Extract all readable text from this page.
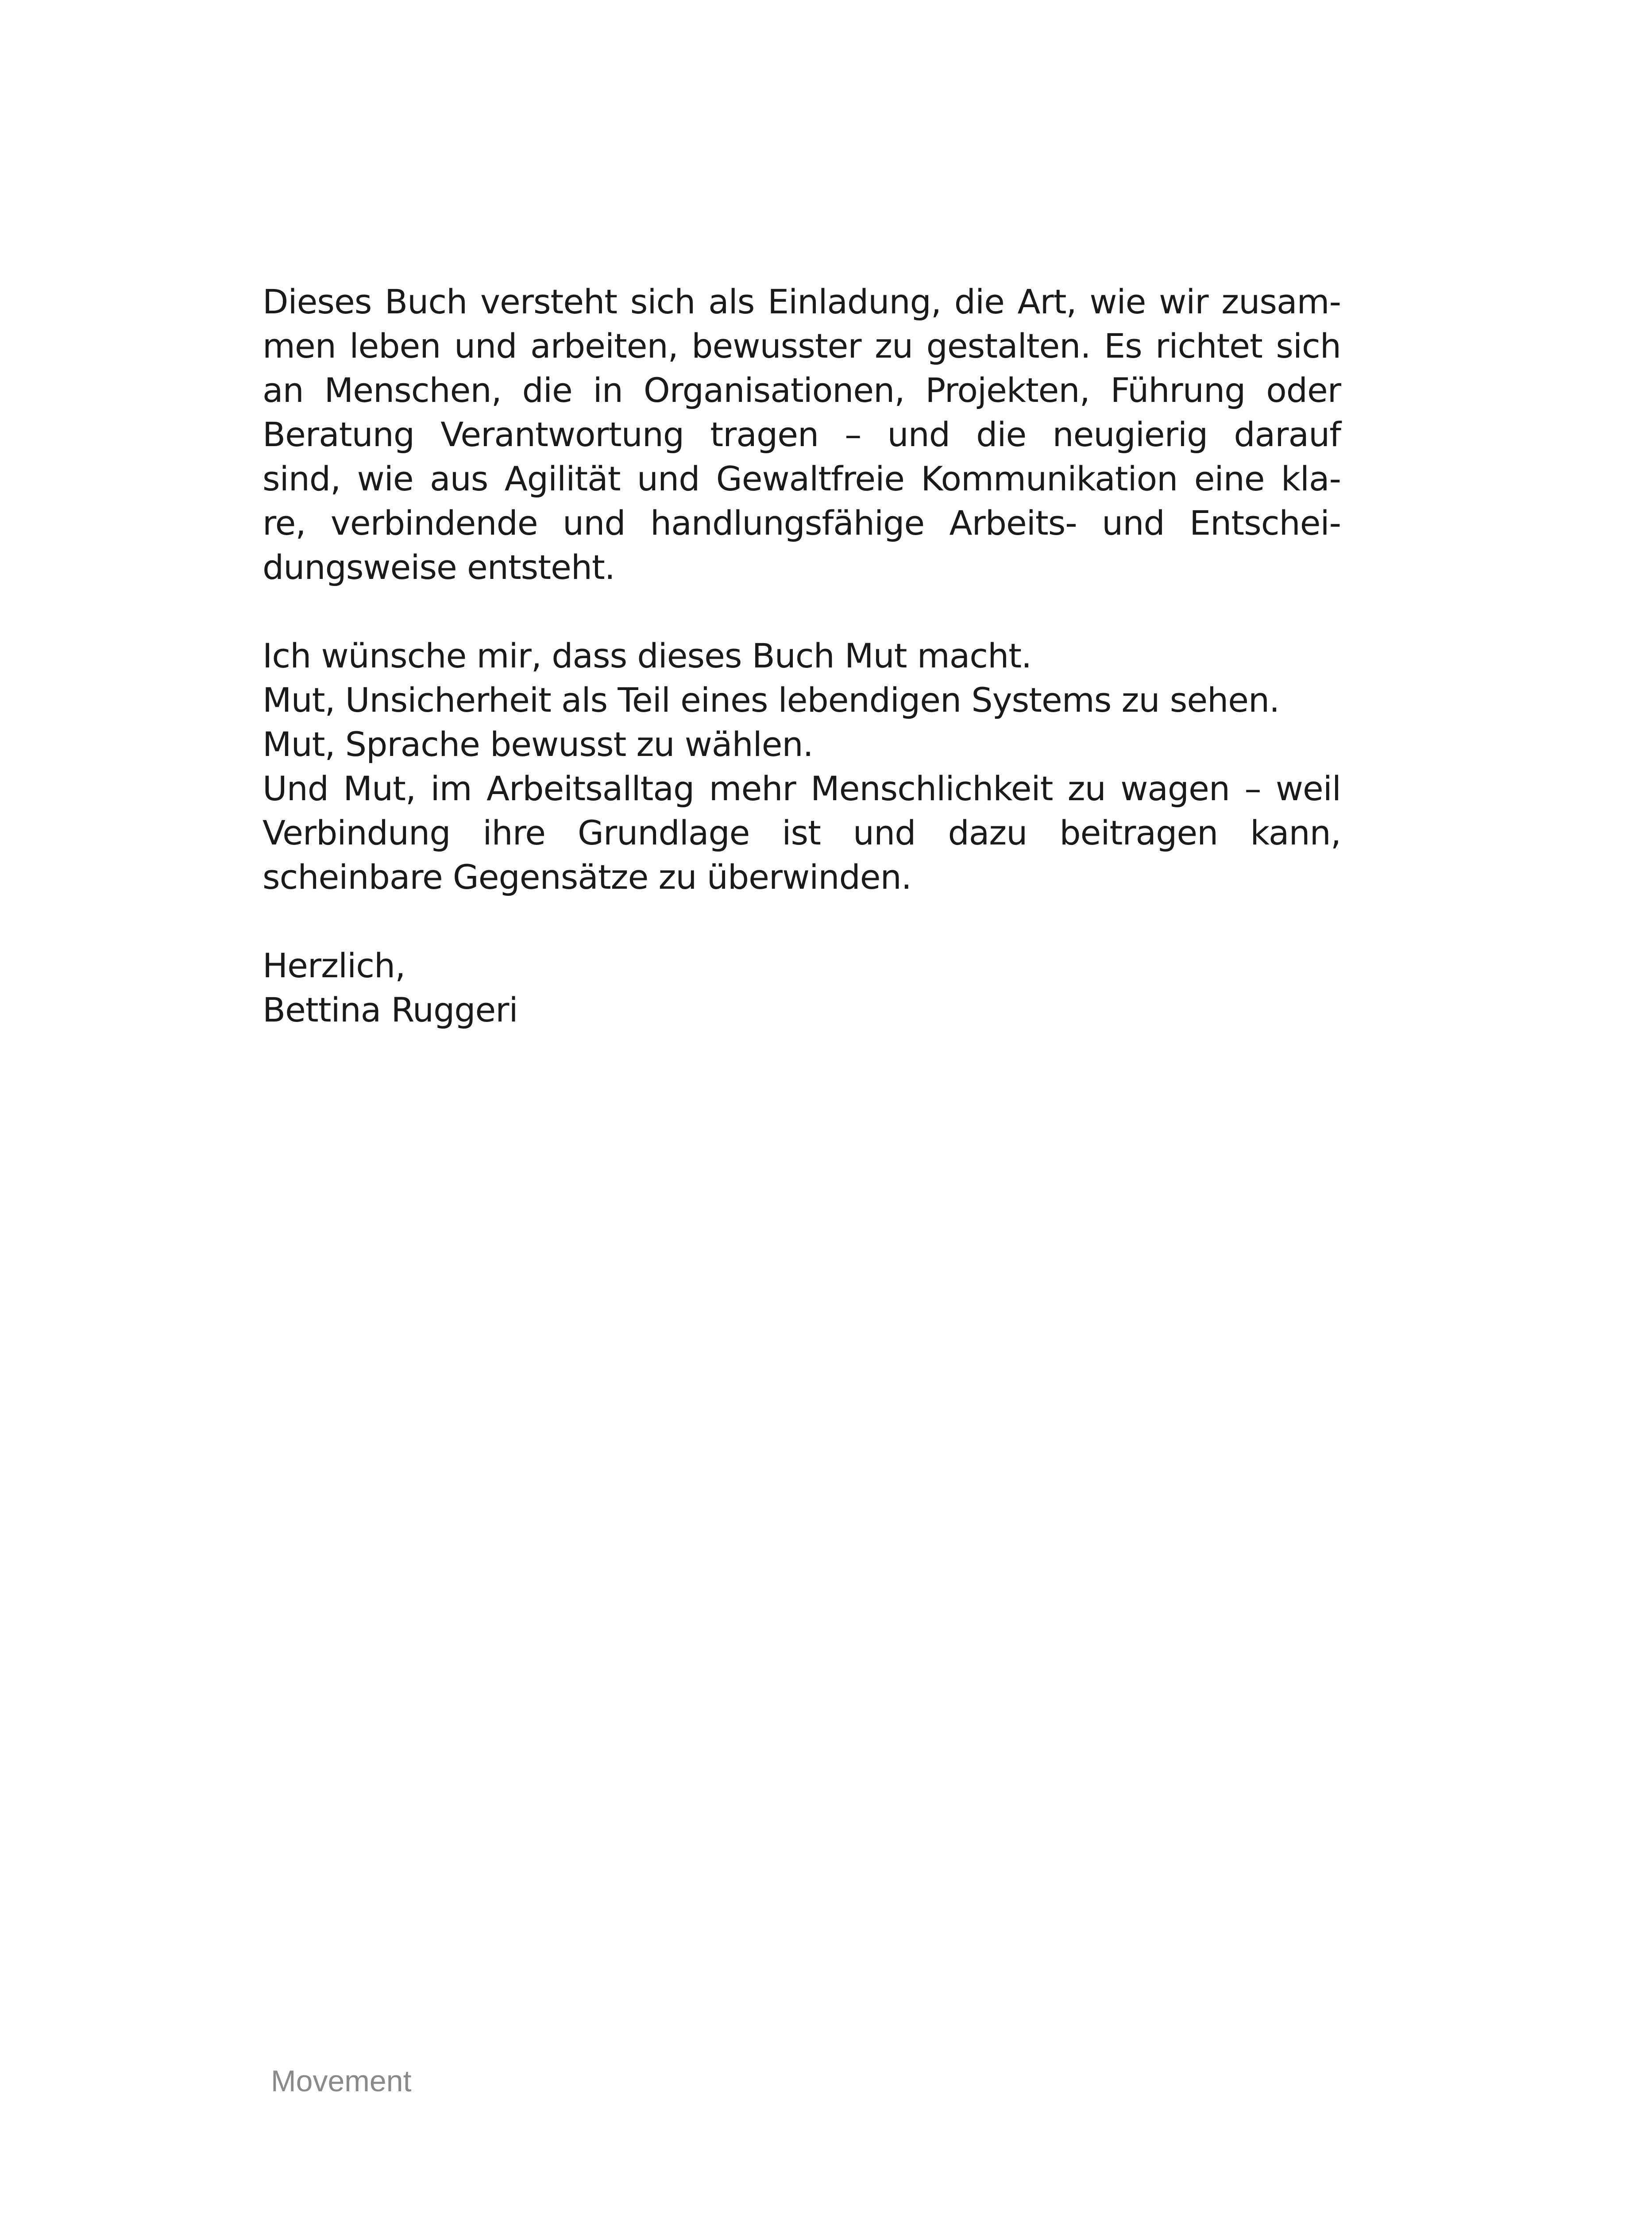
Dieses Buch versteht sich als Einladung, die Art, wie wir zusam-
men leben und arbeiten, bewusster zu gestalten. Es richtet sich
an Menschen, die in Organisationen, Projekten, Führung oder
Beratung Verantwortung tragen – und die neugierig darauf
sind, wie aus Agilität und Gewaltfreie Kommunikation eine kla-
re, verbindende und handlungsfähige Arbeits- und Entschei-
dungsweise entsteht.

Ich wünsche mir, dass dieses Buch Mut macht.
Mut, Unsicherheit als Teil eines lebendigen Systems zu sehen.
Mut, Sprache bewusst zu wählen.
Und Mut, im Arbeitsalltag mehr Menschlichkeit zu wagen – weil
Verbindung ihre Grundlage ist und dazu beitragen kann,
scheinbare Gegensätze zu überwinden.

Herzlich,
Bettina Ruggeri

Movement
